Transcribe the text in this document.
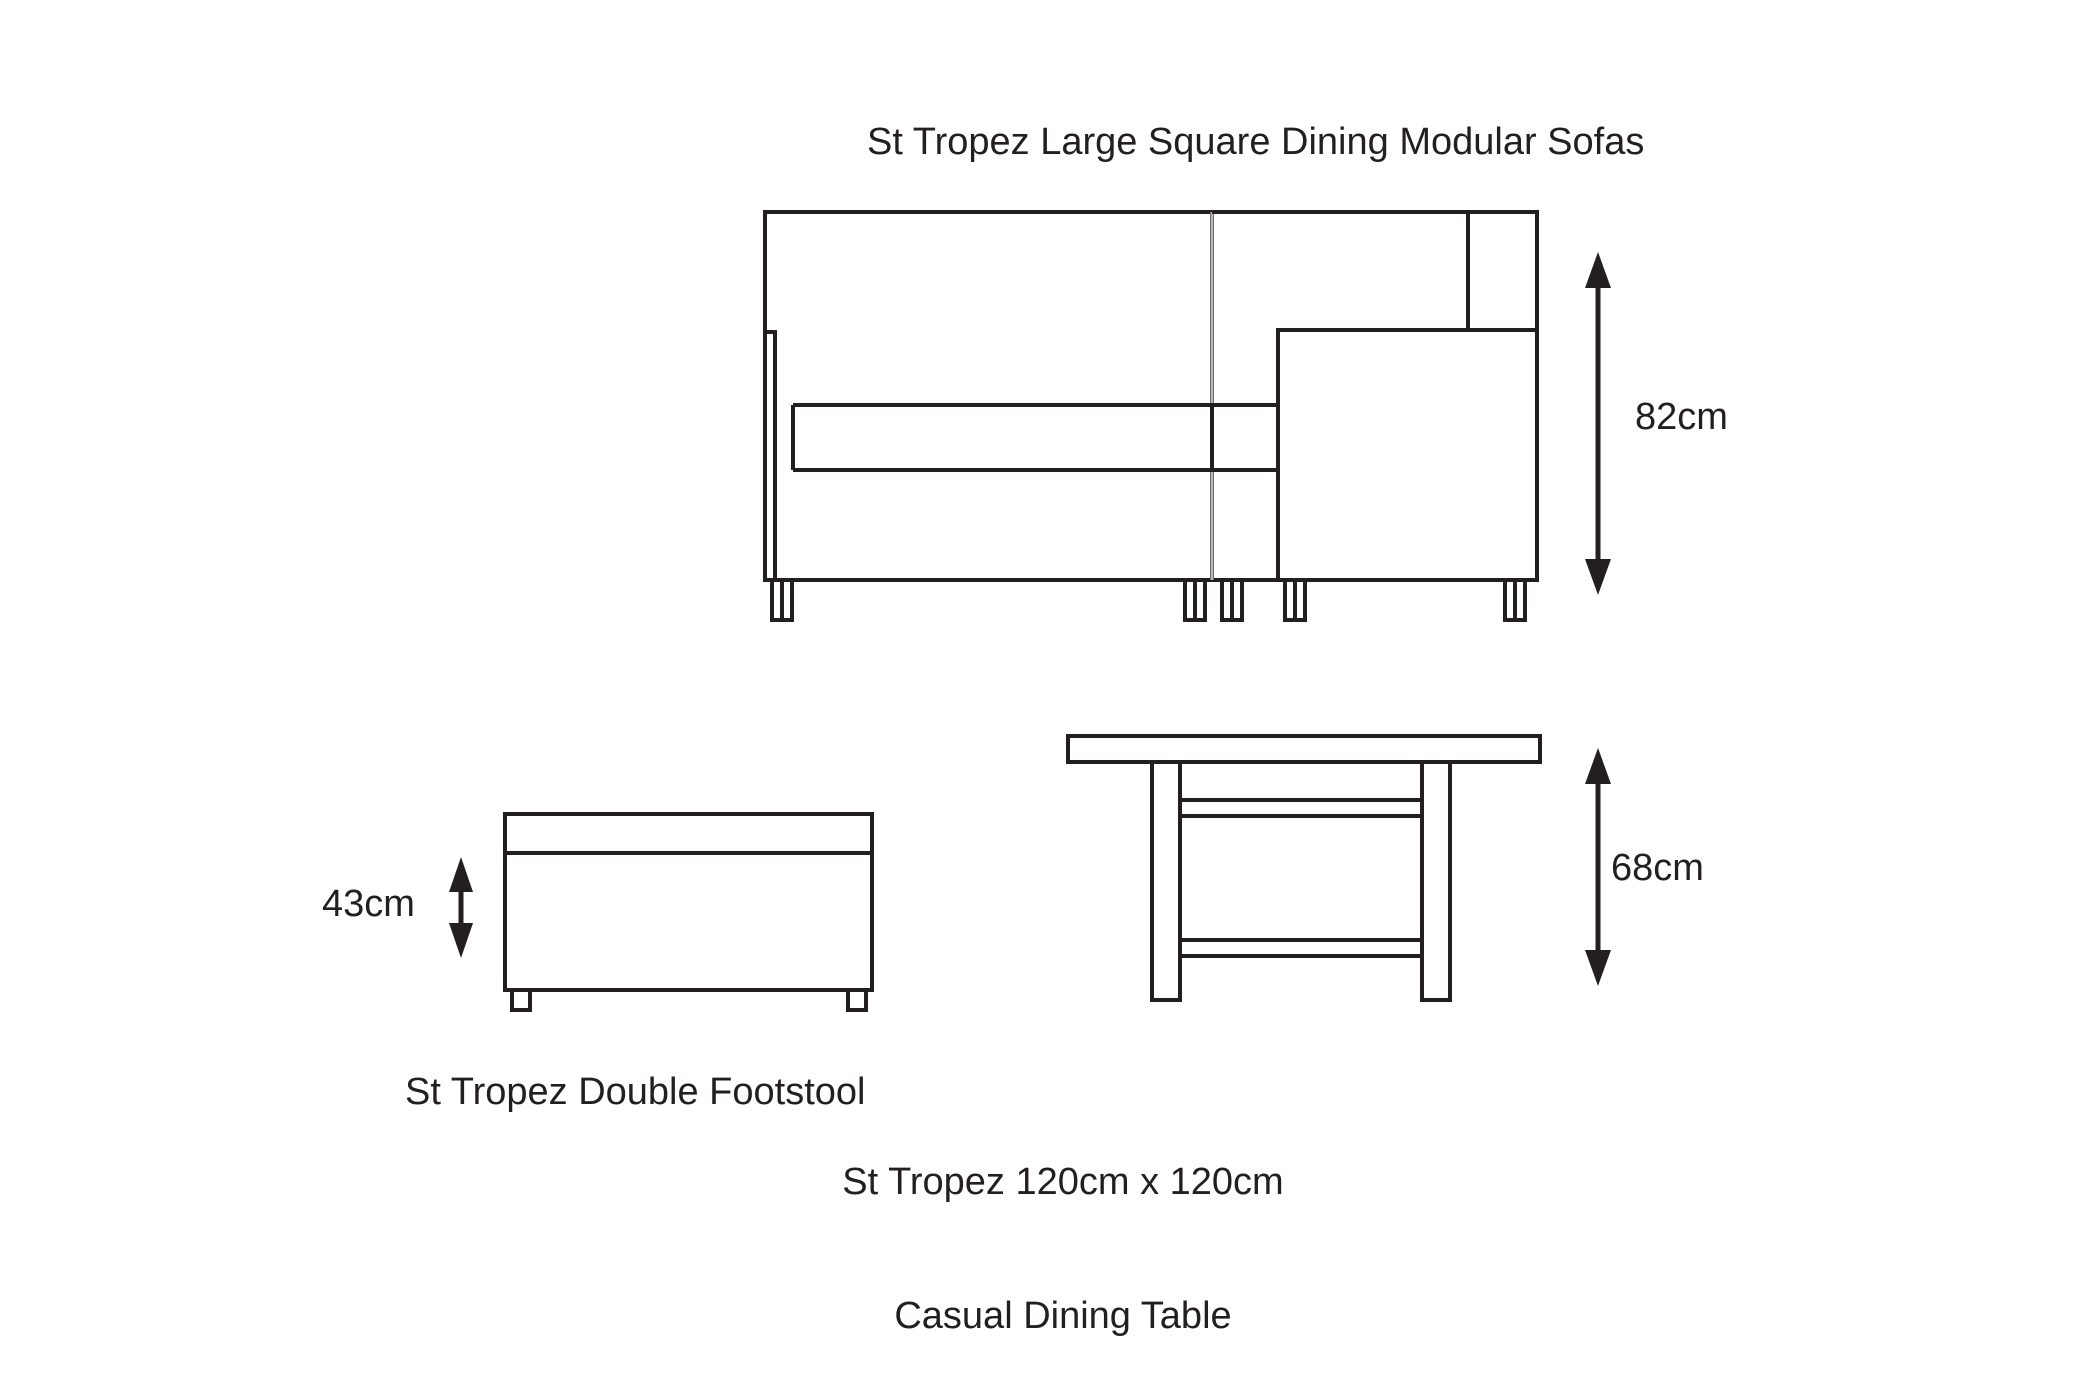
St Tropez Large Square Dining Modular Sofas
82cm
43cm
68cm
St Tropez Double Footstool

St Tropez 120cm x 120cm

Casual Dining Table
